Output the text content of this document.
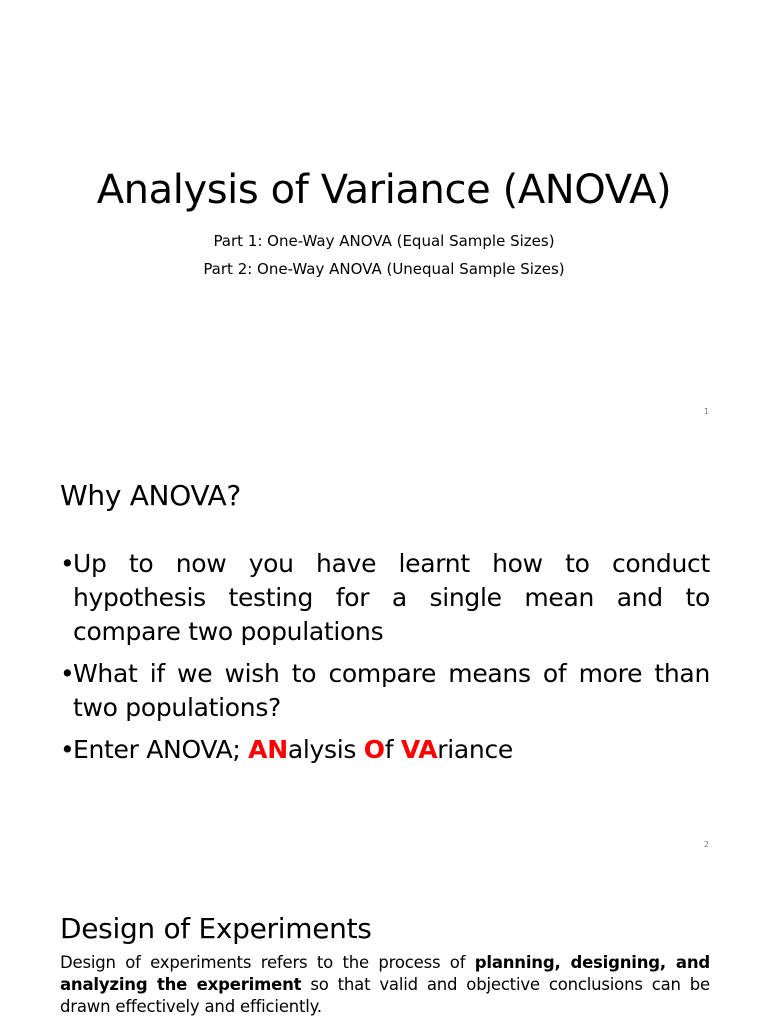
Analysis of Variance (ANOVA)
Part 1: One-Way ANOVA (Equal Sample Sizes)
Part 2: One-Way ANOVA (Unequal Sample Sizes)
1
Why ANOVA?
•
Up to now you have learnt how to conduct hypothesis testing for a single mean and to compare two populations
•
What if we wish to compare means of more than two populations?
•
Enter ANOVA; ANalysis Of VAriance
2
Design of Experiments

Design of experiments refers to the process of planning, designing, and analyzing the experiment so that valid and objective conclusions can be drawn effectively and efficiently.
